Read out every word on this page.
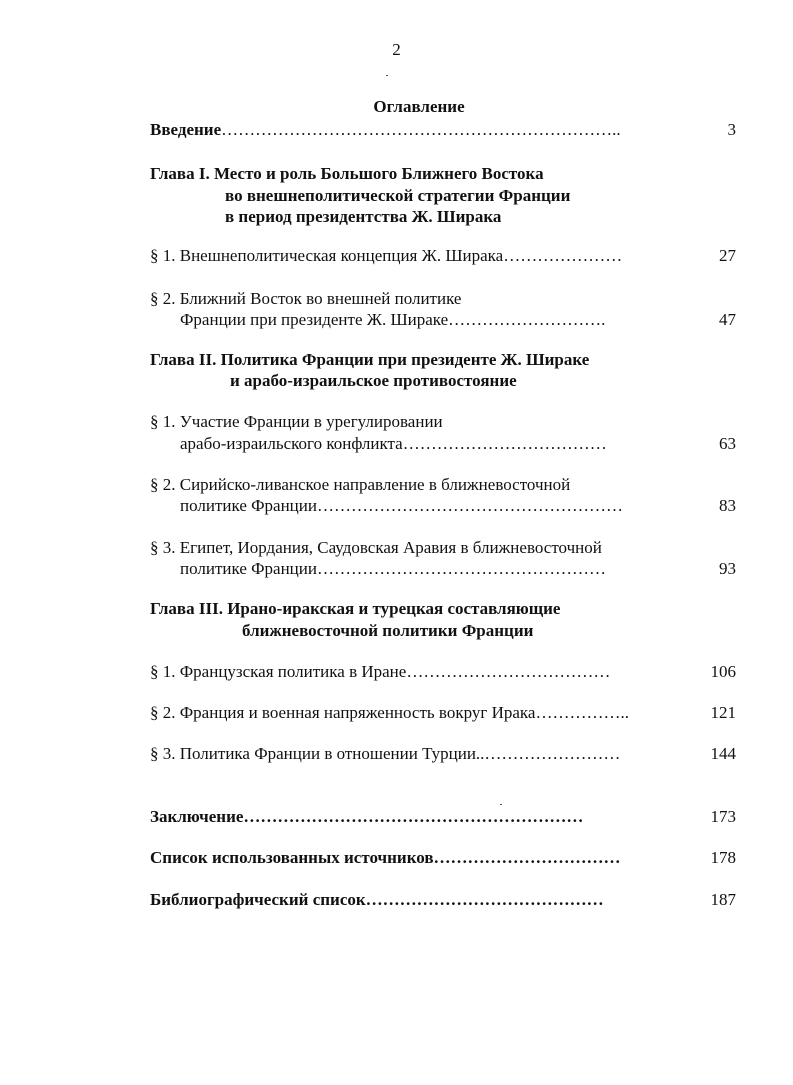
2
Оглавление
Введение……………………………………………………………..	3
Глава I. Место и роль Большого Ближнего Востока
во внешнеполитической стратегии Франции
в период президентства Ж. Ширака
§ 1. Внешнеполитическая концепция Ж. Ширака…………………	27
§ 2. Ближний Восток во внешней политике
Франции при президенте Ж. Шираке……………………….	47
Глава II. Политика Франции при президенте Ж. Шираке
и арабо-израильское противостояние
§ 1. Участие Франции в урегулировании
арабо-израильского конфликта………………………………	63
§ 2. Сирийско-ливанское направление в ближневосточной
политике Франции………………………………………………	83
§ 3. Египет, Иордания, Саудовская Аравия в ближневосточной
политике Франции……………………………………………	93
Глава III. Ирано-иракская и турецкая составляющие
ближневосточной политики Франции
§ 1. Французская политика в Иране………………………………	106
§ 2. Франция и военная напряженность вокруг Ирака……………..	121
§ 3. Политика Франции в отношении Турции..……………………	144
Заключение……………………………………………………	173
Список использованных источников……………………………	178
Библиографический список……………………………………	187
